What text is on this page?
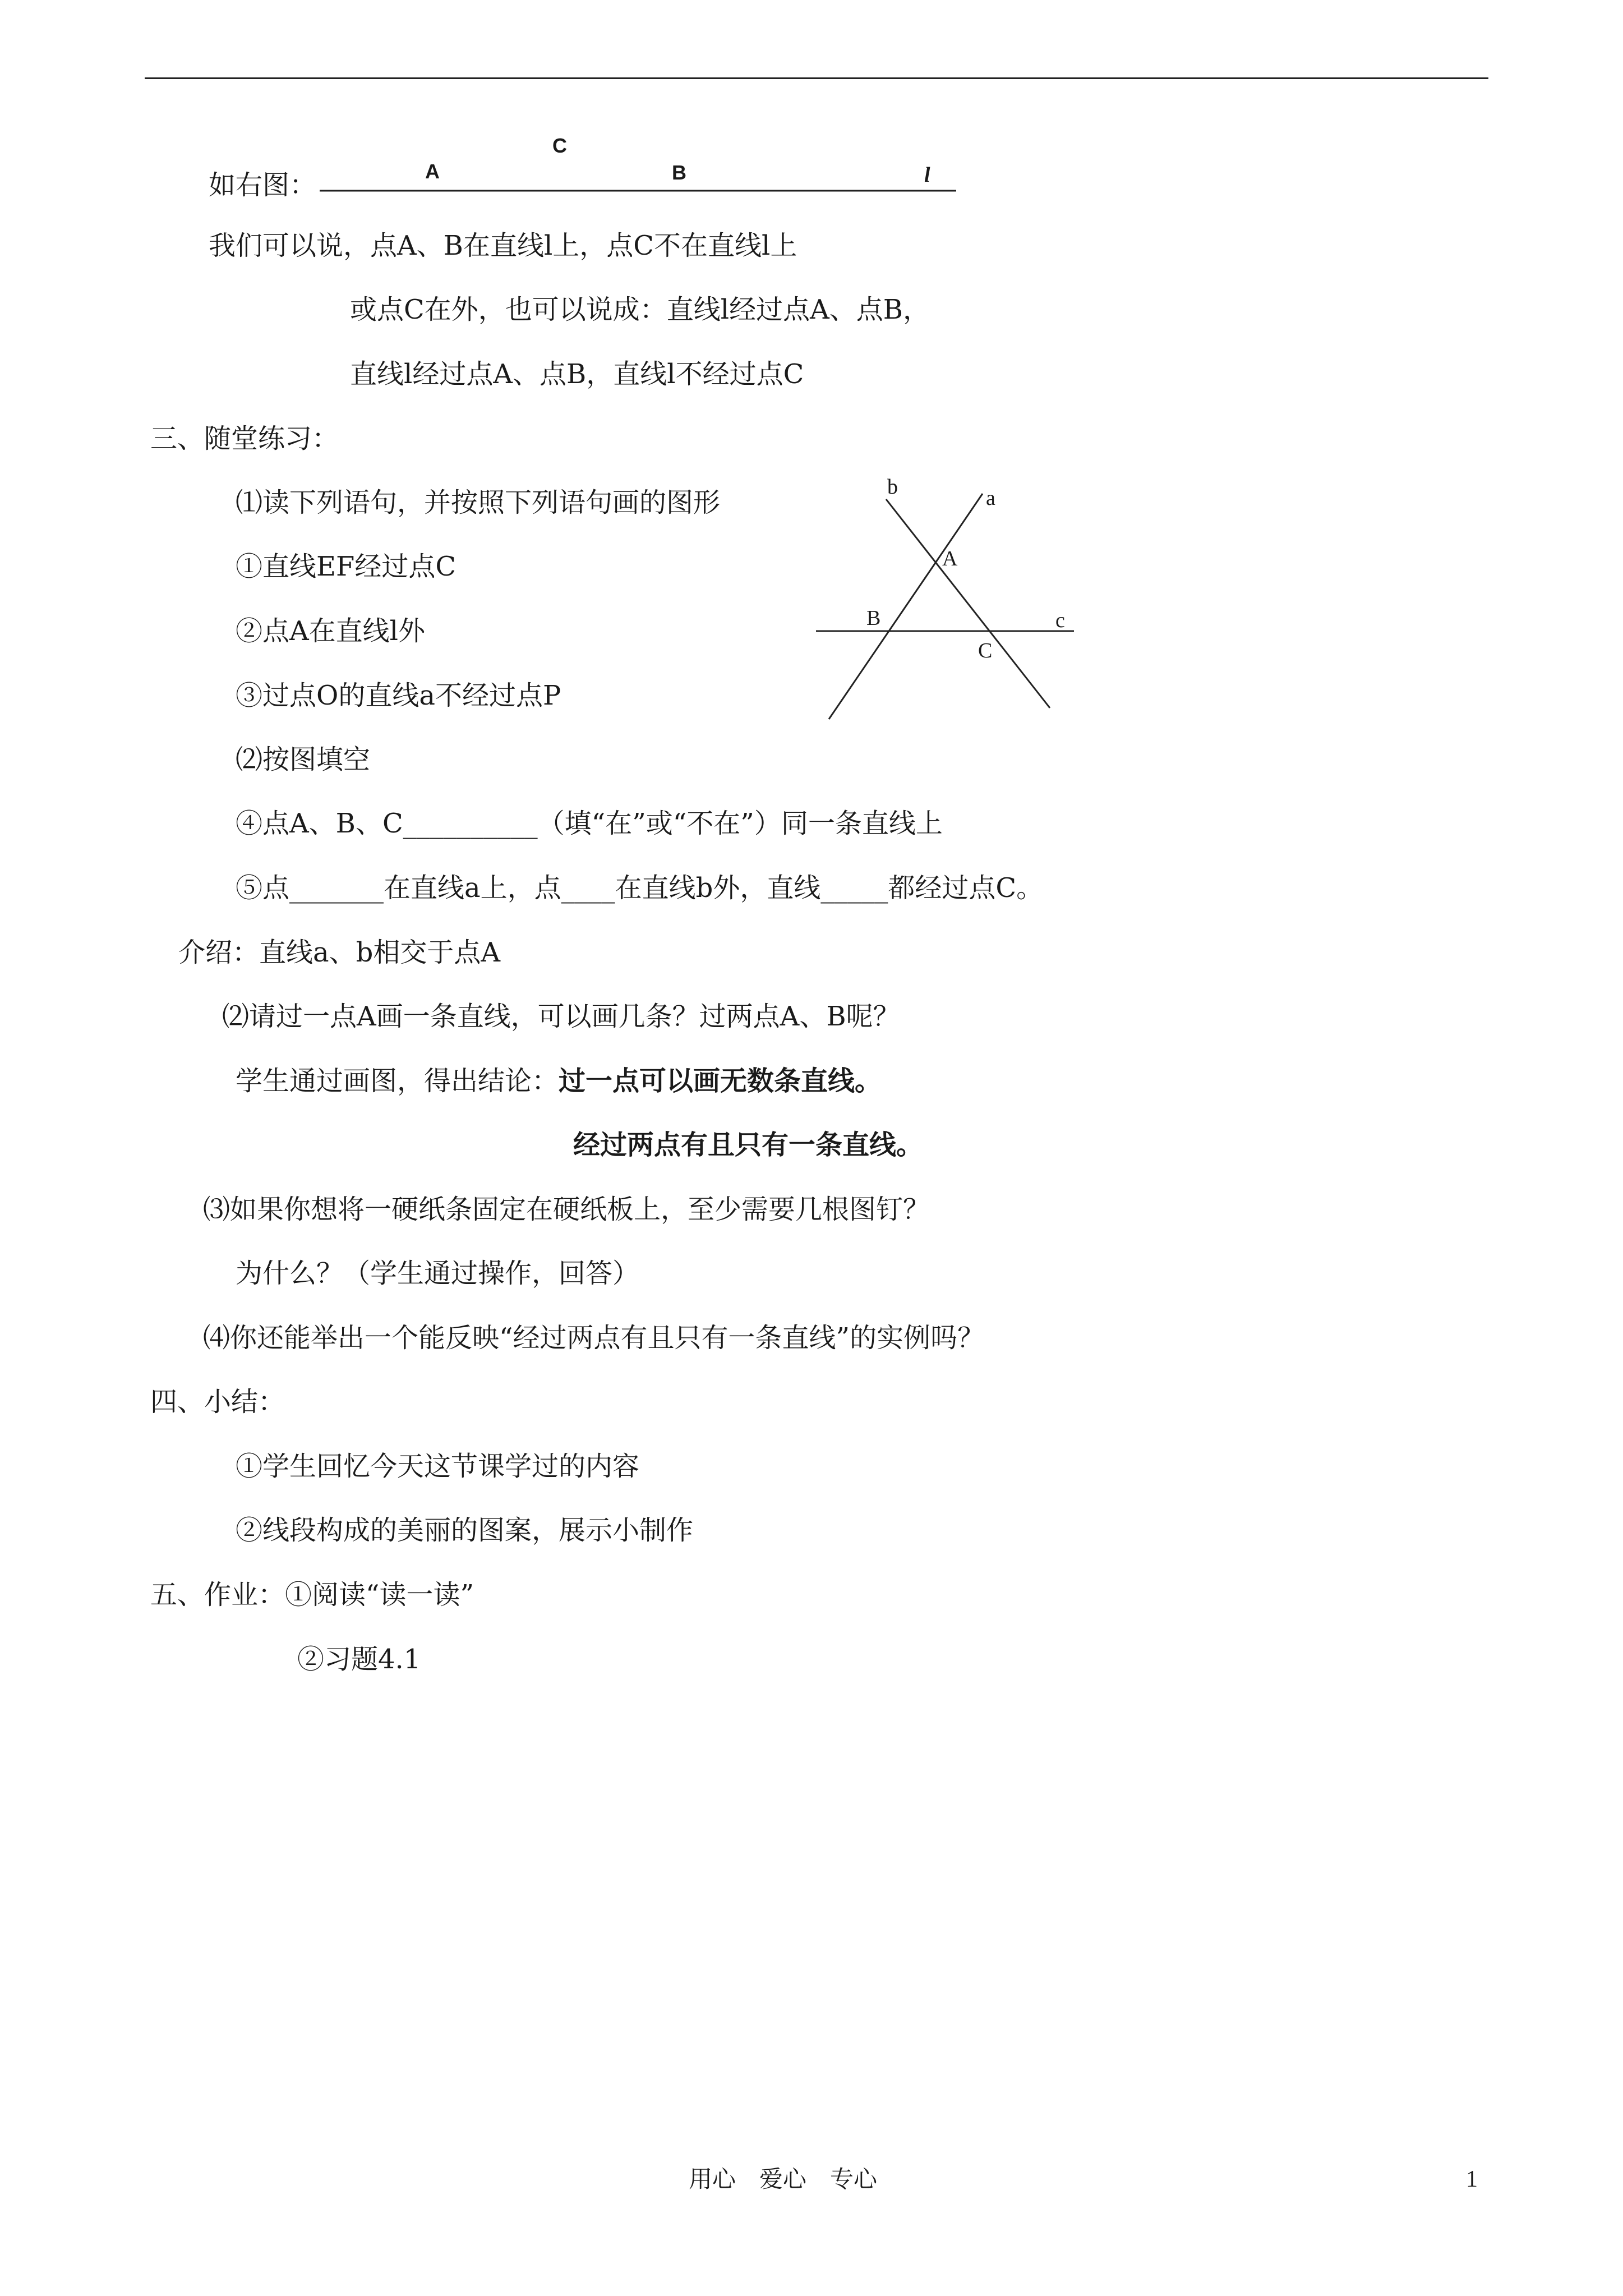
如右图：
C
A	B	l
我们可以说，点A、B在直线l上，点C不在直线l上
或点C在外，也可以说成：直线l经过点A、点B，
直线l经过点A、点B，直线l不经过点C
三、随堂练习：
⑴读下列语句，并按照下列语句画的图形
①直线EF经过点C
②点A在直线l外
③过点O的直线a不经过点P
b	a
A
B	c
C
⑵按图填空
④点A、B、C__________（填“在”或“不在”）同一条直线上
⑤点_______在直线a上，点____在直线b外，直线_____都经过点C。
介绍：直线a、b相交于点A
⑵请过一点A画一条直线，可以画几条？过两点A、B呢？
学生通过画图，得出结论：过一点可以画无数条直线。
经过两点有且只有一条直线。
⑶如果你想将一硬纸条固定在硬纸板上，至少需要几根图钉？
为什么？（学生通过操作，回答）
⑷你还能举出一个能反映“经过两点有且只有一条直线”的实例吗？
四、小结：
①学生回忆今天这节课学过的内容
②线段构成的美丽的图案，展示小制作
五、作业：①阅读“读一读”
②习题4.1
用心　爱心　专心	1
